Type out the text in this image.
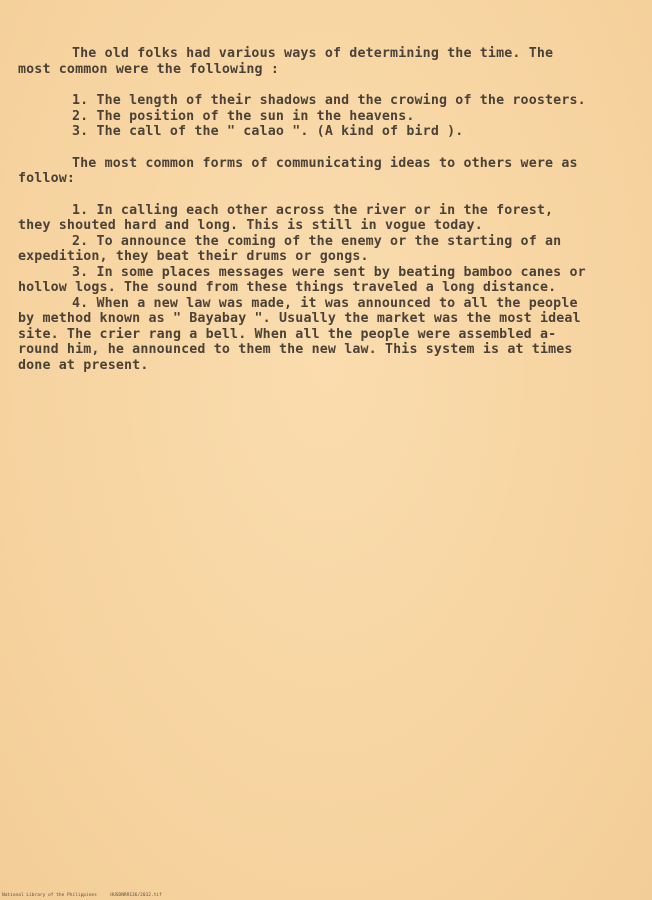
The old folks had various ways of determining the time. The
most common were the following :
1. The length of their shadows and the crowing of the roosters.
2. The position of the sun in the heavens.
3. The call of the " calao ". (A kind of bird ).
The most common forms of communicating ideas to others were as
follow:
1. In calling each other across the river or in the forest,
they shouted hard and long. This is still in vogue today.
2. To announce the coming of the enemy or the starting of an
expedition, they beat their drums or gongs.
3. In some places messages were sent by beating bamboo canes or
hollow logs. The sound from these things traveled a long distance.
4. When a new law was made, it was announced to all the people
by method known as " Bayabay ". Usually the market was the most ideal
site. The crier rang a bell. When all the people were assembled a-
round him, he announced to them the new law. This system is at times
done at present.
National Library of the Philippines     HUSDNRR136/2012.tif
